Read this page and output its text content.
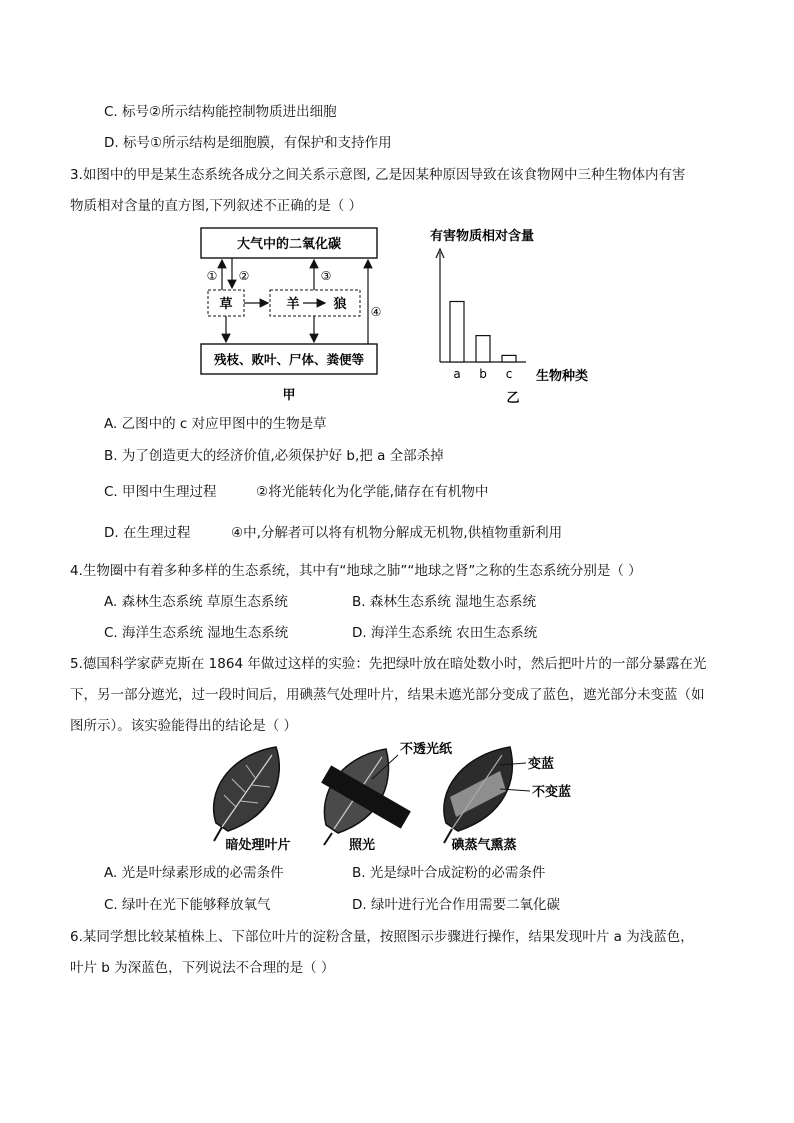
C. 标号②所示结构能控制物质进出细胞
D. 标号①所示结构是细胞膜，有保护和支持作用
3.如图中的甲是某生态系统各成分之间关系示意图, 乙是因某种原因导致在该食物网中三种生物体内有害
物质相对含量的直方图,下列叙述不正确的是（ ）
大气中的二氧化碳
草	羊	狼
残枝、败叶、尸体、粪便等
① ②	③
④
甲
有害物质相对含量
生物种类
a b c
乙
A. 乙图中的 c 对应甲图中的生物是草
B. 为了创造更大的经济价值,必须保护好 b,把 a 全部杀掉
C. 甲图中生理过程	②将光能转化为化学能,储存在有机物中
D. 在生理过程	④中,分解者可以将有机物分解成无机物,供植物重新利用
4.生物圈中有着多种多样的生态系统，其中有“地球之肺”“地球之肾”之称的生态系统分别是（ ）
A. 森林生态系统 草原生态系统	B. 森林生态系统 湿地生态系统
C. 海洋生态系统 湿地生态系统	D. 海洋生态系统 农田生态系统
5.德国科学家萨克斯在 1864 年做过这样的实验：先把绿叶放在暗处数小时，然后把叶片的一部分暴露在光
下，另一部分遮光，过一段时间后，用碘蒸气处理叶片，结果未遮光部分变成了蓝色，遮光部分未变蓝（如
图所示）。该实验能得出的结论是（ ）
暗处理叶片
不透光纸
照光
变蓝
不变蓝
碘蒸气熏蒸
A. 光是叶绿素形成的必需条件	B. 光是绿叶合成淀粉的必需条件
C. 绿叶在光下能够释放氧气	D. 绿叶进行光合作用需要二氧化碳
6.某同学想比较某植株上、下部位叶片的淀粉含量，按照图示步骤进行操作，结果发现叶片 a 为浅蓝色，
叶片 b 为深蓝色，下列说法不合理的是（ ）
